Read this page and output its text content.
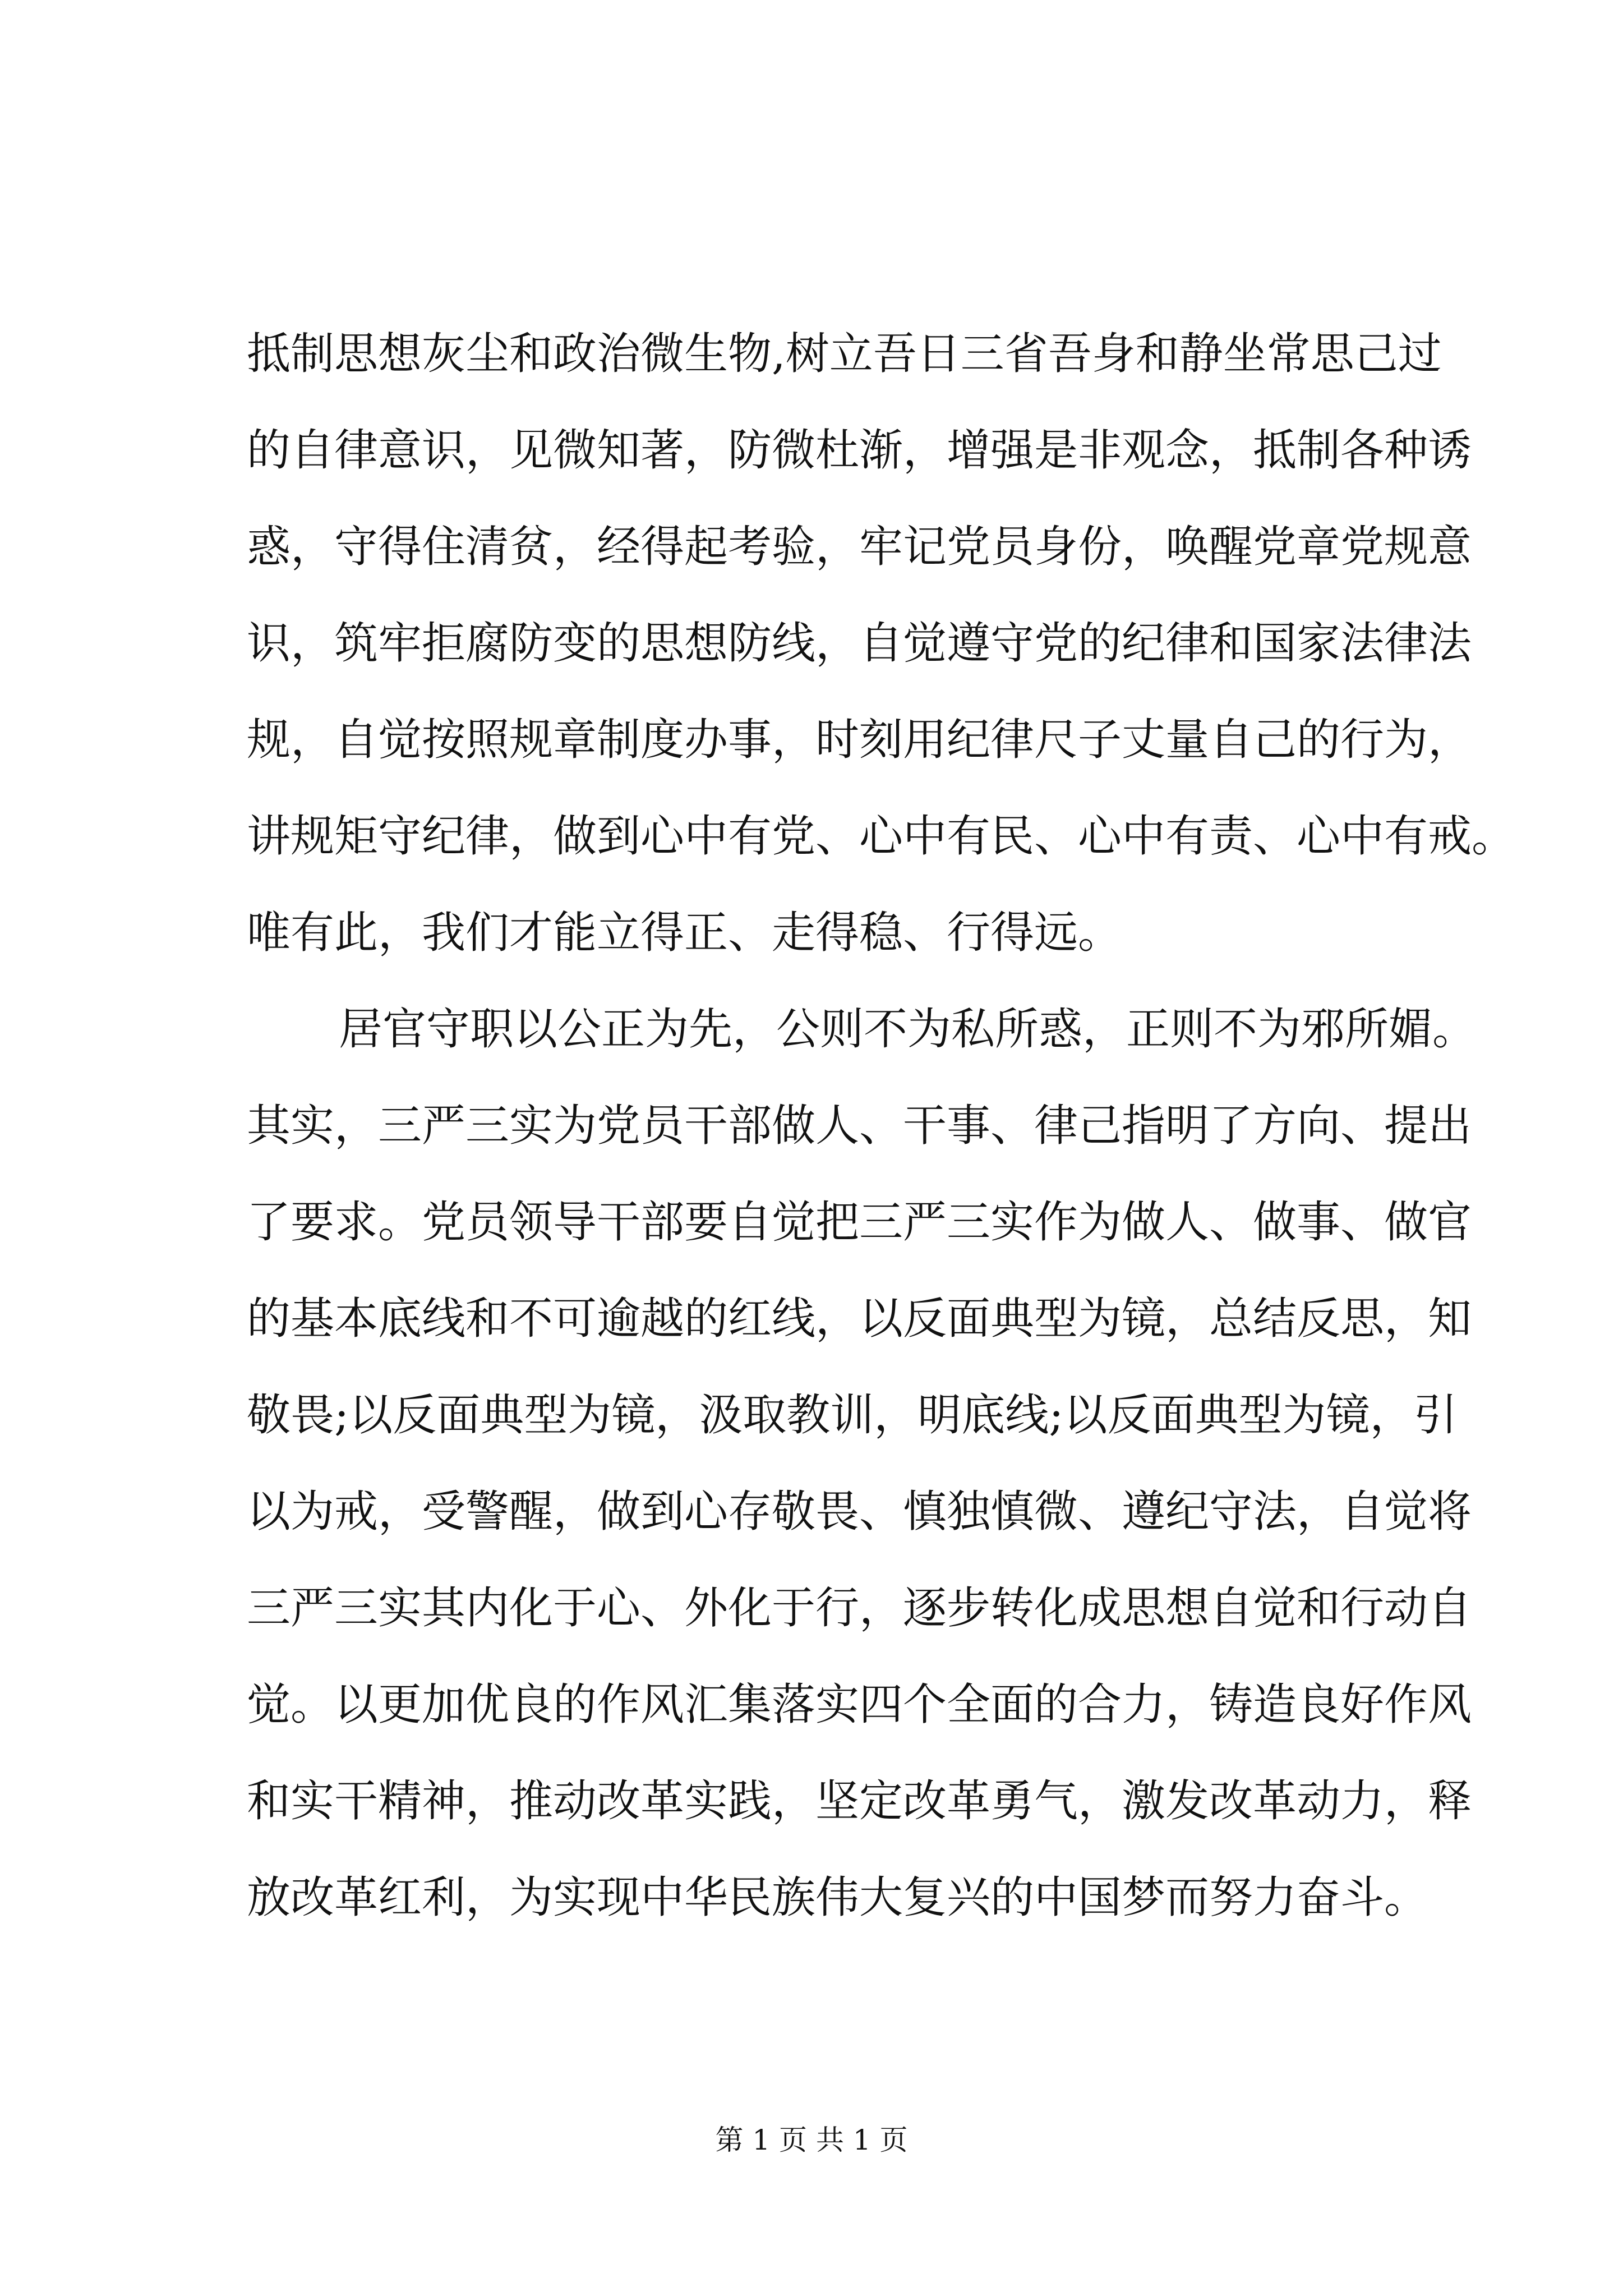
抵制思想灰尘和政治微生物,树立吾日三省吾身和静坐常思己过
的自律意识，见微知著，防微杜渐，增强是非观念，抵制各种诱
惑，守得住清贫，经得起考验，牢记党员身份，唤醒党章党规意
识，筑牢拒腐防变的思想防线，自觉遵守党的纪律和国家法律法
规，自觉按照规章制度办事，时刻用纪律尺子丈量自己的行为，
讲规矩守纪律，做到心中有党、心中有民、心中有责、心中有戒。
唯有此，我们才能立得正、走得稳、行得远。
居官守职以公正为先，公则不为私所惑，正则不为邪所媚。
其实，三严三实为党员干部做人、干事、律己指明了方向、提出
了要求。党员领导干部要自觉把三严三实作为做人、做事、做官
的基本底线和不可逾越的红线，以反面典型为镜，总结反思，知
敬畏;以反面典型为镜，汲取教训，明底线;以反面典型为镜，引
以为戒，受警醒，做到心存敬畏、慎独慎微、遵纪守法，自觉将
三严三实其内化于心、外化于行，逐步转化成思想自觉和行动自
觉。以更加优良的作风汇集落实四个全面的合力，铸造良好作风
和实干精神，推动改革实践，坚定改革勇气，激发改革动力，释
放改革红利，为实现中华民族伟大复兴的中国梦而努力奋斗。
第 1 页 共 1 页
